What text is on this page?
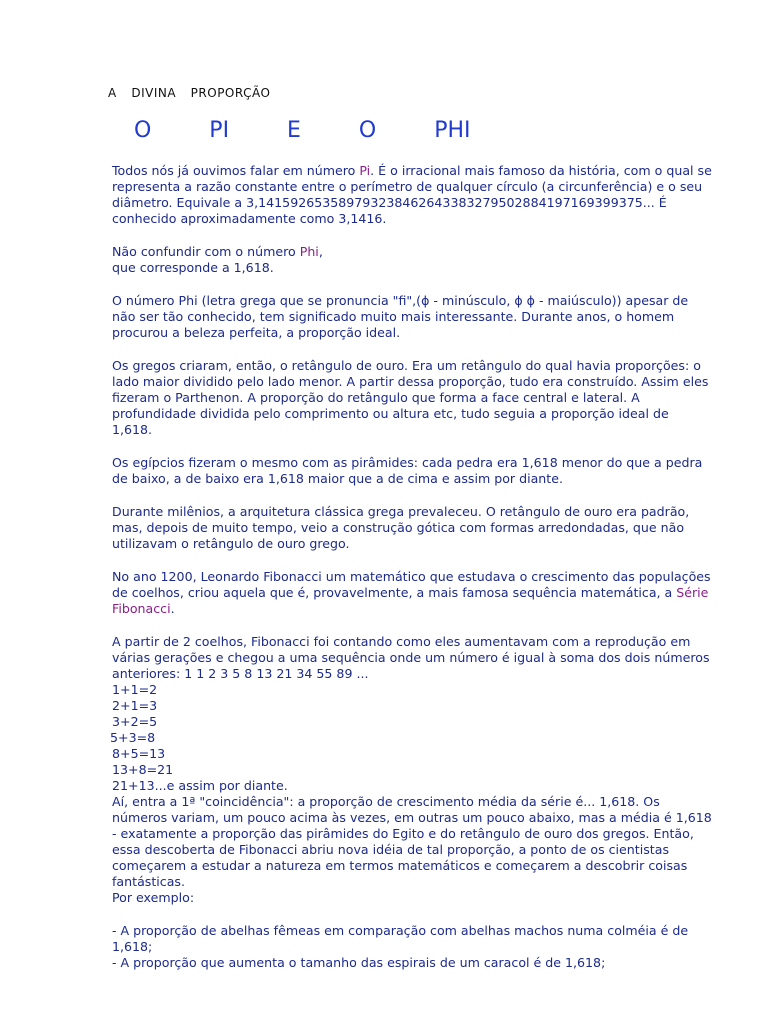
A  DIVINA  PROPORÇÃO
O  PI  E  O  PHI

Todos nós já ouvimos falar em número Pi. É o irracional mais famoso da história, com o qual se representa a razão constante entre o perímetro de qualquer círculo (a circunferência) e o seu diâmetro. Equivale a 3,1415926535897932384626433832795028841971693993​75... É conhecido aproximadamente como 3,1416.

Não confundir com o número Phi,
que corresponde a 1,618.

O número Phi (letra grega que se pronuncia "fi",(ϕ - minúsculo, ϕ ϕ - maiúsculo)) apesar de não ser tão conhecido, tem significado muito mais interessante. Durante anos, o homem procurou a beleza perfeita, a proporção ideal.

Os gregos criaram, então, o retângulo de ouro. Era um retângulo do qual havia proporções: o lado maior dividido pelo lado menor. A partir dessa proporção, tudo era construído. Assim eles fizeram o Parthenon. A proporção do retângulo que forma a face central e lateral. A profundidade dividida pelo comprimento ou altura etc, tudo seguia a proporção ideal de 1,618.

Os egípcios fizeram o mesmo com as pirâmides: cada pedra era 1,618 menor do que a pedra de baixo, a de baixo era 1,618 maior que a de cima e assim por diante.

Durante milênios, a arquitetura clássica grega prevaleceu. O retângulo de ouro era padrão, mas, depois de muito tempo, veio a construção gótica com formas arredondadas, que não utilizavam o retângulo de ouro grego.

No ano 1200, Leonardo Fibonacci um matemático que estudava o crescimento das populações de coelhos, criou aquela que é, provavelmente, a mais famosa sequência matemática, a Série Fibonacci.

A partir de 2 coelhos, Fibonacci foi contando como eles aumentavam com a reprodução em várias gerações e chegou a uma sequência onde um número é igual à soma dos dois números anteriores: 1 1 2 3 5 8 13 21 34 55 89 ...

1+1=2
2+1=3
3+2=5
5+3=8
8+5=13
13+8=21
21+13...e assim por diante.

Aí, entra a 1ª "coincidência": a proporção de crescimento média da série é... 1,618. Os números variam, um pouco acima às vezes, em outras um pouco abaixo, mas a média é 1,618 - exatamente a proporção das pirâmides do Egito e do retângulo de ouro dos gregos. Então, essa descoberta de Fibonacci abriu nova idéia de tal proporção, a ponto de os cientistas começarem a estudar a natureza em termos matemáticos e começarem a descobrir coisas fantásticas.

Por exemplo:

- A proporção de abelhas fêmeas em comparação com abelhas machos numa colméia é de 1,618;
- A proporção que aumenta o tamanho das espirais de um caracol é de 1,618;
